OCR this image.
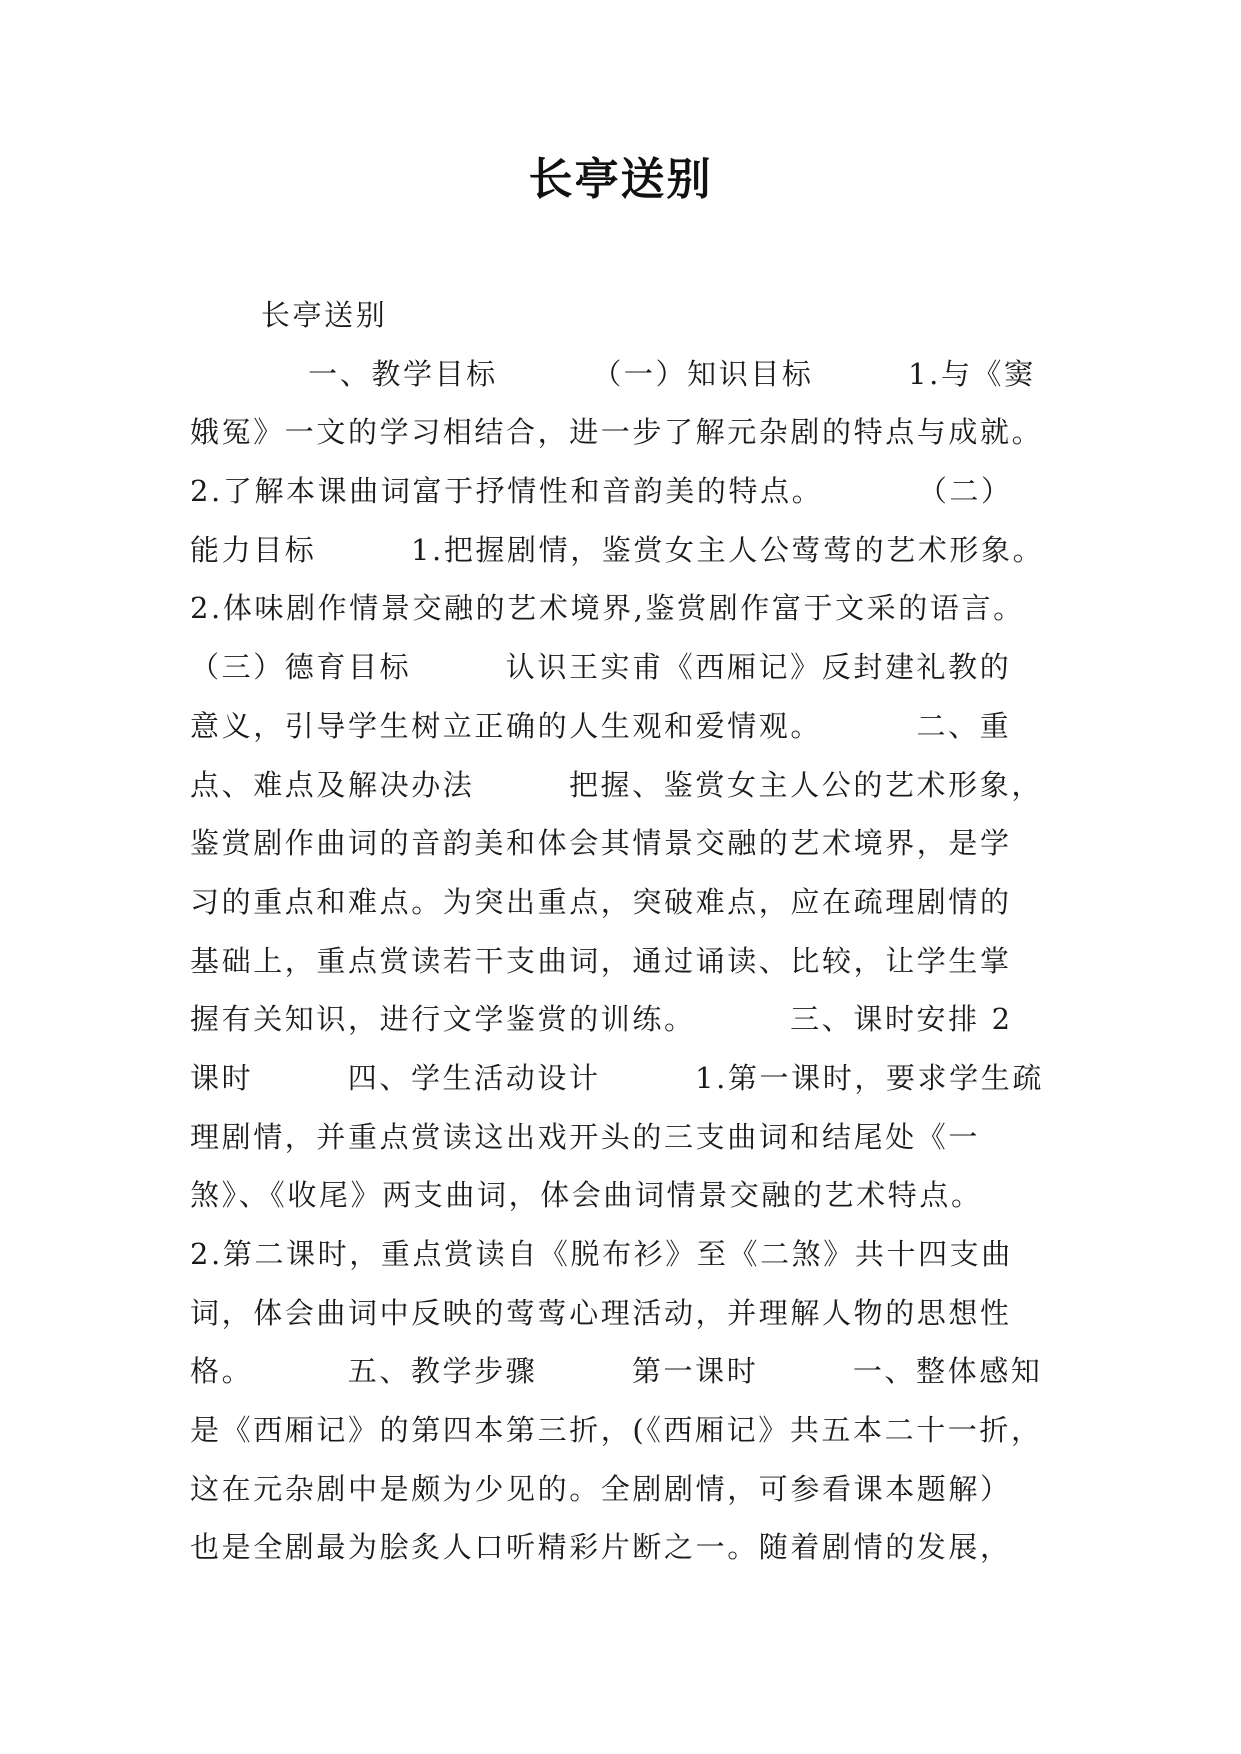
长亭送别
长亭送别
一、教学目标        （一）知识目标        1.与《窦
娥冤》一文的学习相结合，进一步了解元杂剧的特点与成就。
2.了解本课曲词富于抒情性和音韵美的特点。        （二）
能力目标        1.把握剧情，鉴赏女主人公莺莺的艺术形象。
2.体味剧作情景交融的艺术境界,鉴赏剧作富于文采的语言。
（三）德育目标        认识王实甫《西厢记》反封建礼教的
意义，引导学生树立正确的人生观和爱情观。        二、重
点、难点及解决办法        把握、鉴赏女主人公的艺术形象，
鉴赏剧作曲词的音韵美和体会其情景交融的艺术境界，是学
习的重点和难点。为突出重点，突破难点，应在疏理剧情的
基础上，重点赏读若干支曲词，通过诵读、比较，让学生掌
握有关知识，进行文学鉴赏的训练。        三、课时安排 2
课时        四、学生活动设计        1.第一课时，要求学生疏
理剧情，并重点赏读这出戏开头的三支曲词和结尾处《一
煞》、《收尾》两支曲词，体会曲词情景交融的艺术特点。
2.第二课时，重点赏读自《脱布衫》至《二煞》共十四支曲
词，体会曲词中反映的莺莺心理活动，并理解人物的思想性
格。        五、教学步骤        第一课时        一、整体感知
是《西厢记》的第四本第三折，(《西厢记》共五本二十一折，
这在元杂剧中是颇为少见的。全剧剧情，可参看课本题解）
也是全剧最为脍炙人口听精彩片断之一。随着剧情的发展，
